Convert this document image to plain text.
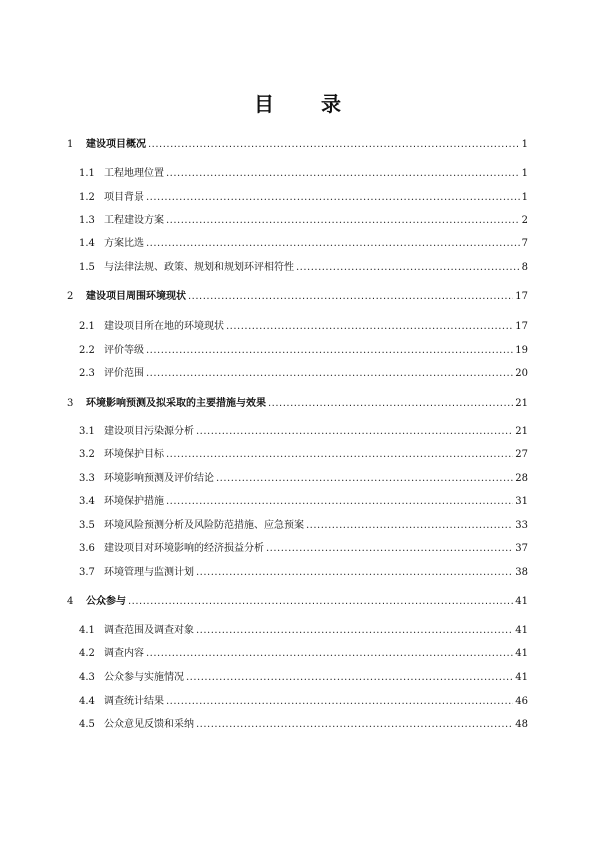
目 录
1	建设项目概况 .....	1
1.1 工程地理位置 .....	1
1.2 项目背景 .....	1
1.3 工程建设方案 .....	2
1.4 方案比选 .....	7
1.5 与法律法规、政策、规划和规划环评相符性 .....	8
2	建设项目周围环境现状 .....	17
2.1 建设项目所在地的环境现状 .....	17
2.2 评价等级 .....	19
2.3 评价范围 .....	20
3	环境影响预测及拟采取的主要措施与效果 .....	21
3.1 建设项目污染源分析 .....	21
3.2 环境保护目标 .....	27
3.3 环境影响预测及评价结论 .....	28
3.4 环境保护措施 .....	31
3.5 环境风险预测分析及风险防范措施、应急预案 .....	33
3.6 建设项目对环境影响的经济损益分析 .....	37
3.7 环境管理与监测计划 .....	38
4	公众参与 .....	41
4.1 调查范围及调查对象 .....	41
4.2 调查内容 .....	41
4.3 公众参与实施情况 .....	41
4.4 调查统计结果 .....	46
4.5 公众意见反馈和采纳 .....	48
